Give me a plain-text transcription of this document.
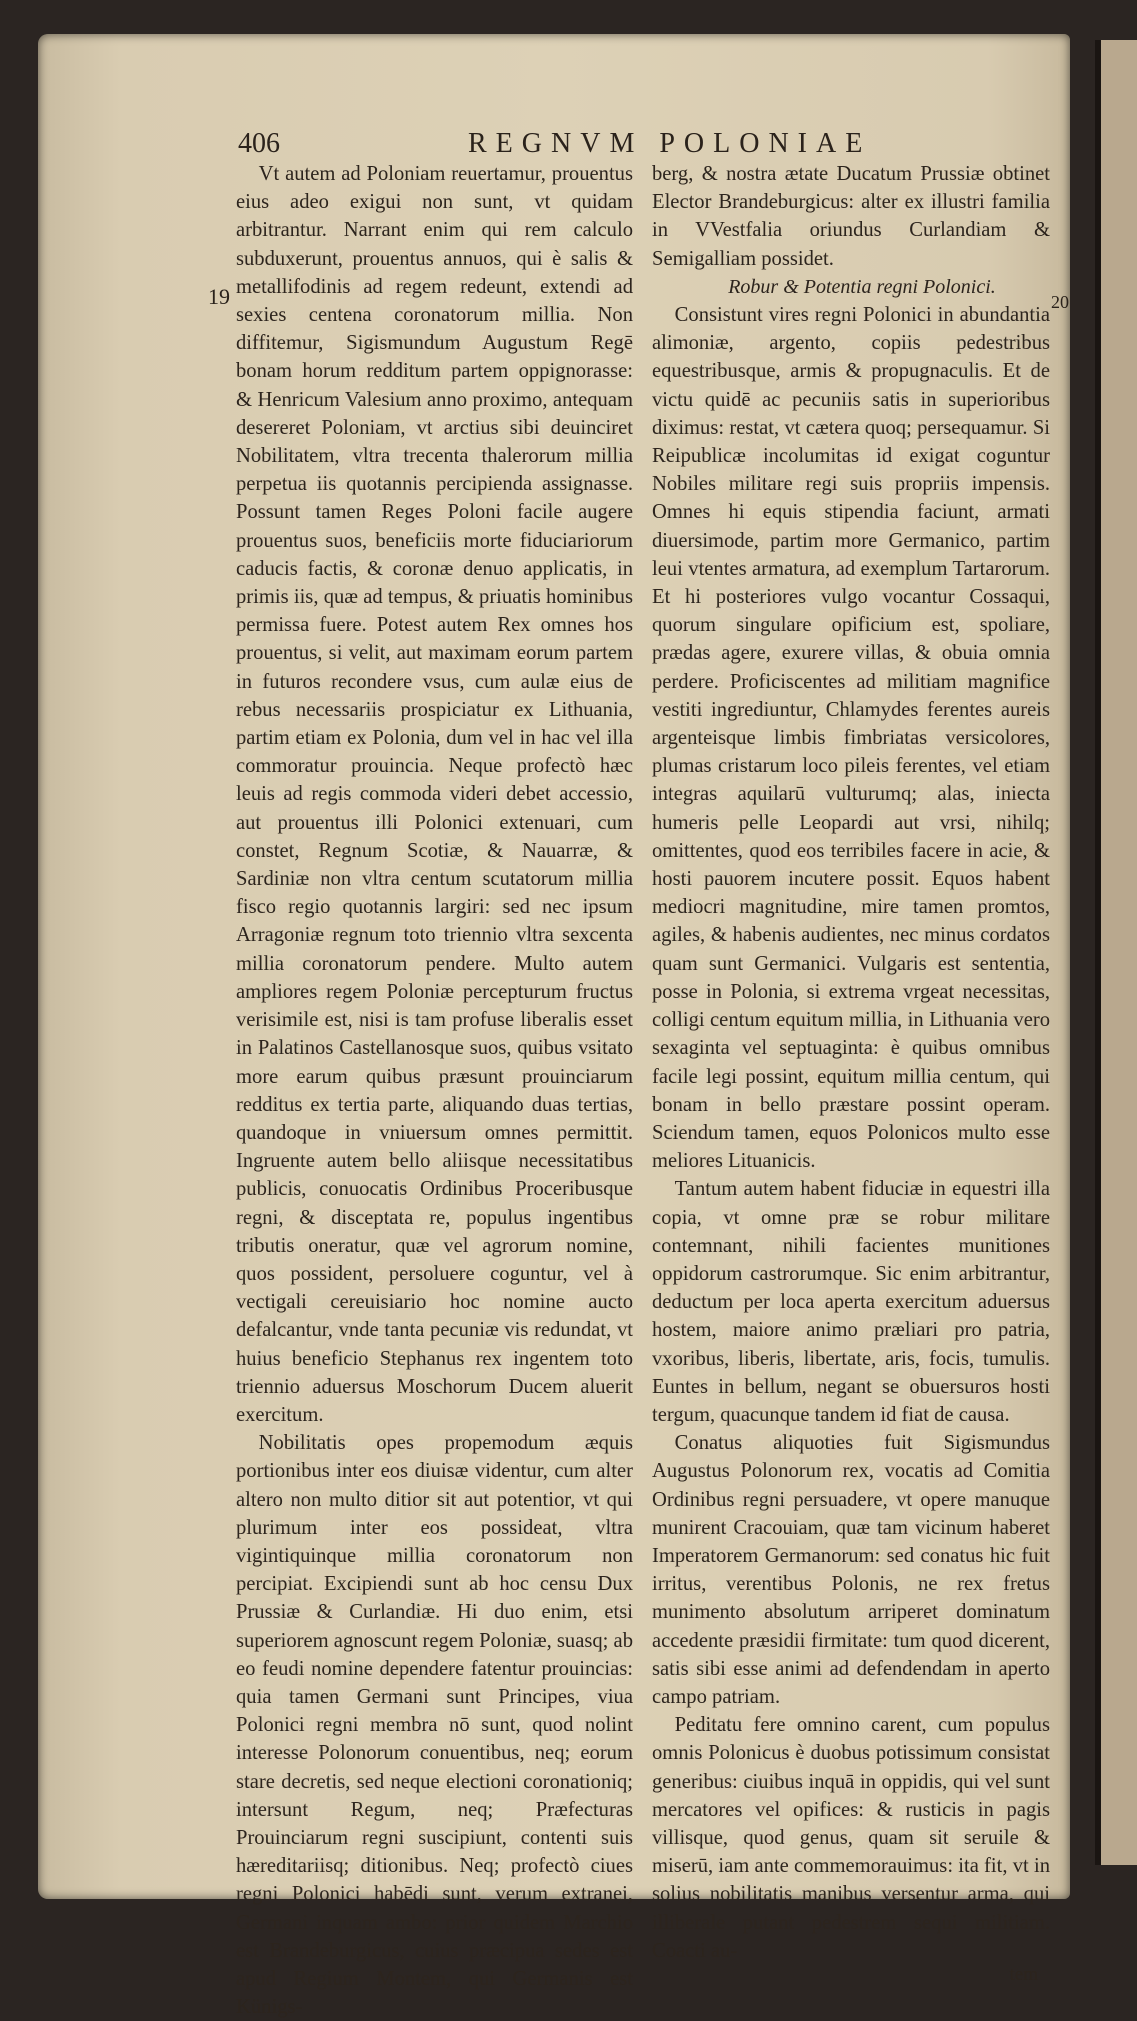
406	REGNVM POLONIAE
19	20

Vt autem ad Poloniam reuertamur, prouentus eius adeo exigui non sunt, vt quidam arbitrantur. Narrant enim qui rem calculo subduxerunt, prouentus annuos, qui è salis & metallifodinis ad regem redeunt, extendi ad sexies centena coronatorum millia. Non diffitemur, Sigismundum Augustum Regē bonam horum redditum partem oppignorasse: & Henricum Valesium anno proximo, antequam desereret Poloniam, vt arctius sibi deuinciret Nobilitatem, vltra trecenta thalerorum millia perpetua iis quotannis percipienda assignasse. Possunt tamen Reges Poloni facile augere prouentus suos, beneficiis morte fiduciariorum caducis factis, & coronæ denuo applicatis, in primis iis, quæ ad tempus, & priuatis hominibus permissa fuere. Potest autem Rex omnes hos prouentus, si velit, aut maximam eorum partem in futuros recondere vsus, cum aulæ eius de rebus necessariis prospiciatur ex Lithuania, partim etiam ex Polonia, dum vel in hac vel illa commoratur prouincia. Neque profectò hæc leuis ad regis commoda videri debet accessio, aut prouentus illi Polonici extenuari, cum constet, Regnum Scotiæ, & Nauarræ, & Sardiniæ non vltra centum scutatorum millia fisco regio quotannis largiri: sed nec ipsum Arragoniæ regnum toto triennio vltra sexcenta millia coronatorum pendere. Multo autem ampliores regem Poloniæ percepturum fructus verisimile est, nisi is tam profuse liberalis esset in Palatinos Castellanosque suos, quibus vsitato more earum quibus præsunt prouinciarum redditus ex tertia parte, aliquando duas tertias, quandoque in vniuersum omnes permittit. Ingruente autem bello aliisque necessitatibus publicis, conuocatis Ordinibus Proceribusque regni, & disceptata re, populus ingentibus tributis oneratur, quæ vel agrorum nomine, quos possident, persoluere coguntur, vel à vectigali cereuisiario hoc nomine aucto defalcantur, vnde tanta pecuniæ vis redundat, vt huius beneficio Stephanus rex ingentem toto triennio aduersus Moschorum Ducem aluerit exercitum.

Nobilitatis opes propemodum æquis portionibus inter eos diuisæ videntur, cum alter altero non multo ditior sit aut potentior, vt qui plurimum inter eos possideat, vltra vigintiquinque millia coronatorum non percipiat. Excipiendi sunt ab hoc censu Dux Prussiæ & Curlandiæ. Hi duo enim, etsi superiorem agnoscunt regem Poloniæ, suasq; ab eo feudi nomine dependere fatentur prouincias: quia tamen Germani sunt Principes, viua Polonici regni membra nō sunt, quod nolint interesse Polonorum conuentibus, neq; eorum stare decretis, sed neque electioni coronationiq; intersunt Regum, neq; Præfecturas Prouinciarum regni suscipiunt, contenti suis hæreditariisq; ditionibus. Neq; profectò ciues regni Polonici habēdi sunt, verum extranei, Germani inquam ambo: prior quidem Marchio est Brandeburgicus, cuius præcipua sedes est apud Regium Montem, qui Germanis est Künigs-

berg, & nostra ætate Ducatum Prussiæ obtinet Elector Brandeburgicus: alter ex illustri familia in VVestfalia oriundus Curlandiam & Semigalliam possidet.

Robur & Potentia regni Polonici.

Consistunt vires regni Polonici in abundantia alimoniæ, argento, copiis pedestribus equestribusque, armis & propugnaculis. Et de victu quidē ac pecuniis satis in superioribus diximus: restat, vt cætera quoq; persequamur. Si Reipublicæ incolumitas id exigat coguntur Nobiles militare regi suis propriis impensis. Omnes hi equis stipendia faciunt, armati diuersimode, partim more Germanico, partim leui vtentes armatura, ad exemplum Tartarorum. Et hi posteriores vulgo vocantur Cossaqui, quorum singulare opificium est, spoliare, prædas agere, exurere villas, & obuia omnia perdere. Proficiscentes ad militiam magnifice vestiti ingrediuntur, Chlamydes ferentes aureis argenteisque limbis fimbriatas versicolores, plumas cristarum loco pileis ferentes, vel etiam integras aquilarū vulturumq; alas, iniecta humeris pelle Leopardi aut vrsi, nihilq; omittentes, quod eos terribiles facere in acie, & hosti pauorem incutere possit. Equos habent mediocri magnitudine, mire tamen promtos, agiles, & habenis audientes, nec minus cordatos quam sunt Germanici. Vulgaris est sententia, posse in Polonia, si extrema vrgeat necessitas, colligi centum equitum millia, in Lithuania vero sexaginta vel septuaginta: è quibus omnibus facile legi possint, equitum millia centum, qui bonam in bello præstare possint operam. Sciendum tamen, equos Polonicos multo esse meliores Lituanicis.

Tantum autem habent fiduciæ in equestri illa copia, vt omne præ se robur militare contemnant, nihili facientes munitiones oppidorum castrorumque. Sic enim arbitrantur, deductum per loca aperta exercitum aduersus hostem, maiore animo præliari pro patria, vxoribus, liberis, libertate, aris, focis, tumulis. Euntes in bellum, negant se obuersuros hosti tergum, quacunque tandem id fiat de causa.

Conatus aliquoties fuit Sigismundus Augustus Polonorum rex, vocatis ad Comitia Ordinibus regni persuadere, vt opere manuque munirent Cracouiam, quæ tam vicinum haberet Imperatorem Germanorum: sed conatus hic fuit irritus, verentibus Polonis, ne rex fretus munimento absolutum arriperet dominatum accedente præsidii firmitate: tum quod dicerent, satis sibi esse animi ad defendendam in aperto campo patriam.

Peditatu fere omnino carent, cum populus omnis Polonicus è duobus potissimum consistat generibus: ciuibus inquā in oppidis, qui vel sunt mercatores vel opifices: & rusticis in pagis villisque, quod genus, quam sit seruile & miserū, iam ante commemorauimus: ita fit, vt in solius nobilitatis manibus versentur arma, qui illiberale putant pedestrem sequi militiam. Coacti au-

tem
